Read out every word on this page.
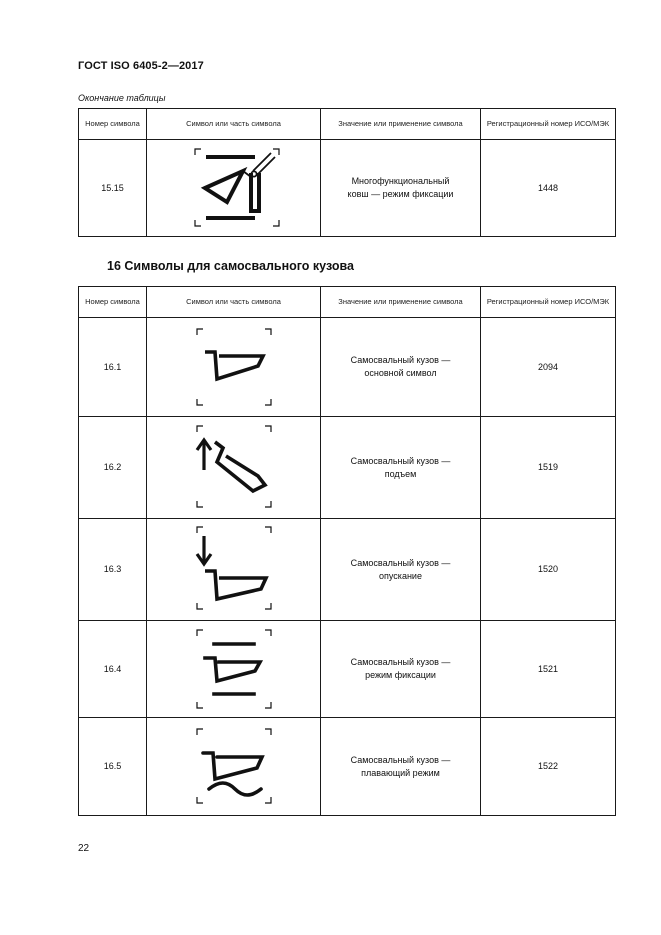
ГОСТ ISO 6405-2—2017
Окончание таблицы
Номер символа	Символ или часть символа	Значение или применение символа	Регистрационный номер ИСО/МЭК
15.15		Многофункциональный ковш — режим фиксации	1448
16 Символы для самосвального кузова
Номер символа	Символ или часть символа	Значение или применение символа	Регистрационный номер ИСО/МЭК
16.1		Самосвальный кузов — основной символ	2094
16.2		Самосвальный кузов — подъем	1519
16.3		Самосвальный кузов — опускание	1520
16.4		Самосвальный кузов — режим фиксации	1521
16.5		Самосвальный кузов — плавающий режим	1522
22
